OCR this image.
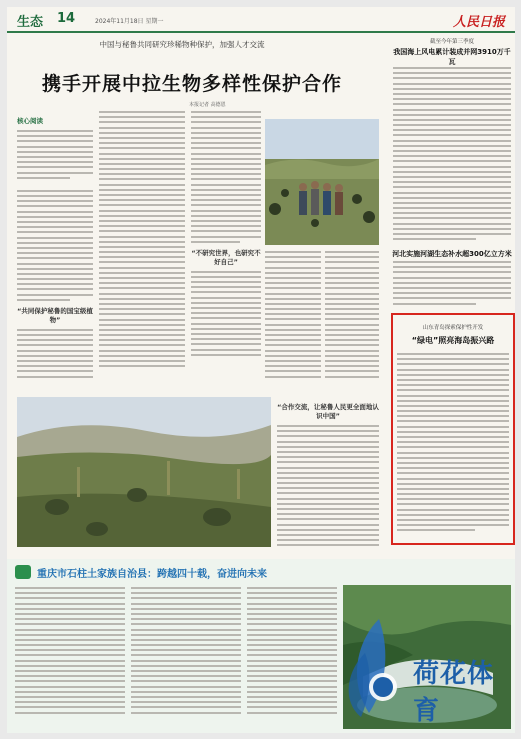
生态 14	2024年11月18日 星期一	人民日报
中国与秘鲁共同研究珍稀物种保护，加强人才交流
携手开展中拉生物多样性保护合作
本报记者 高德恩
核心阅读
“共同保护秘鲁的国宝级植物”
“不研究世界，也研究不好自己”
“合作交流，让秘鲁人民更全面地认识中国”
截至今年第三季度
我国海上风电累计装成并网3910万千瓦
河北实施河湖生态补水超300亿立方米
山东青岛探索保护性开发
“绿电”照亮海岛振兴路
重庆市石柱土家族自治县：跨越四十载，奋进向未来
荷花体育
